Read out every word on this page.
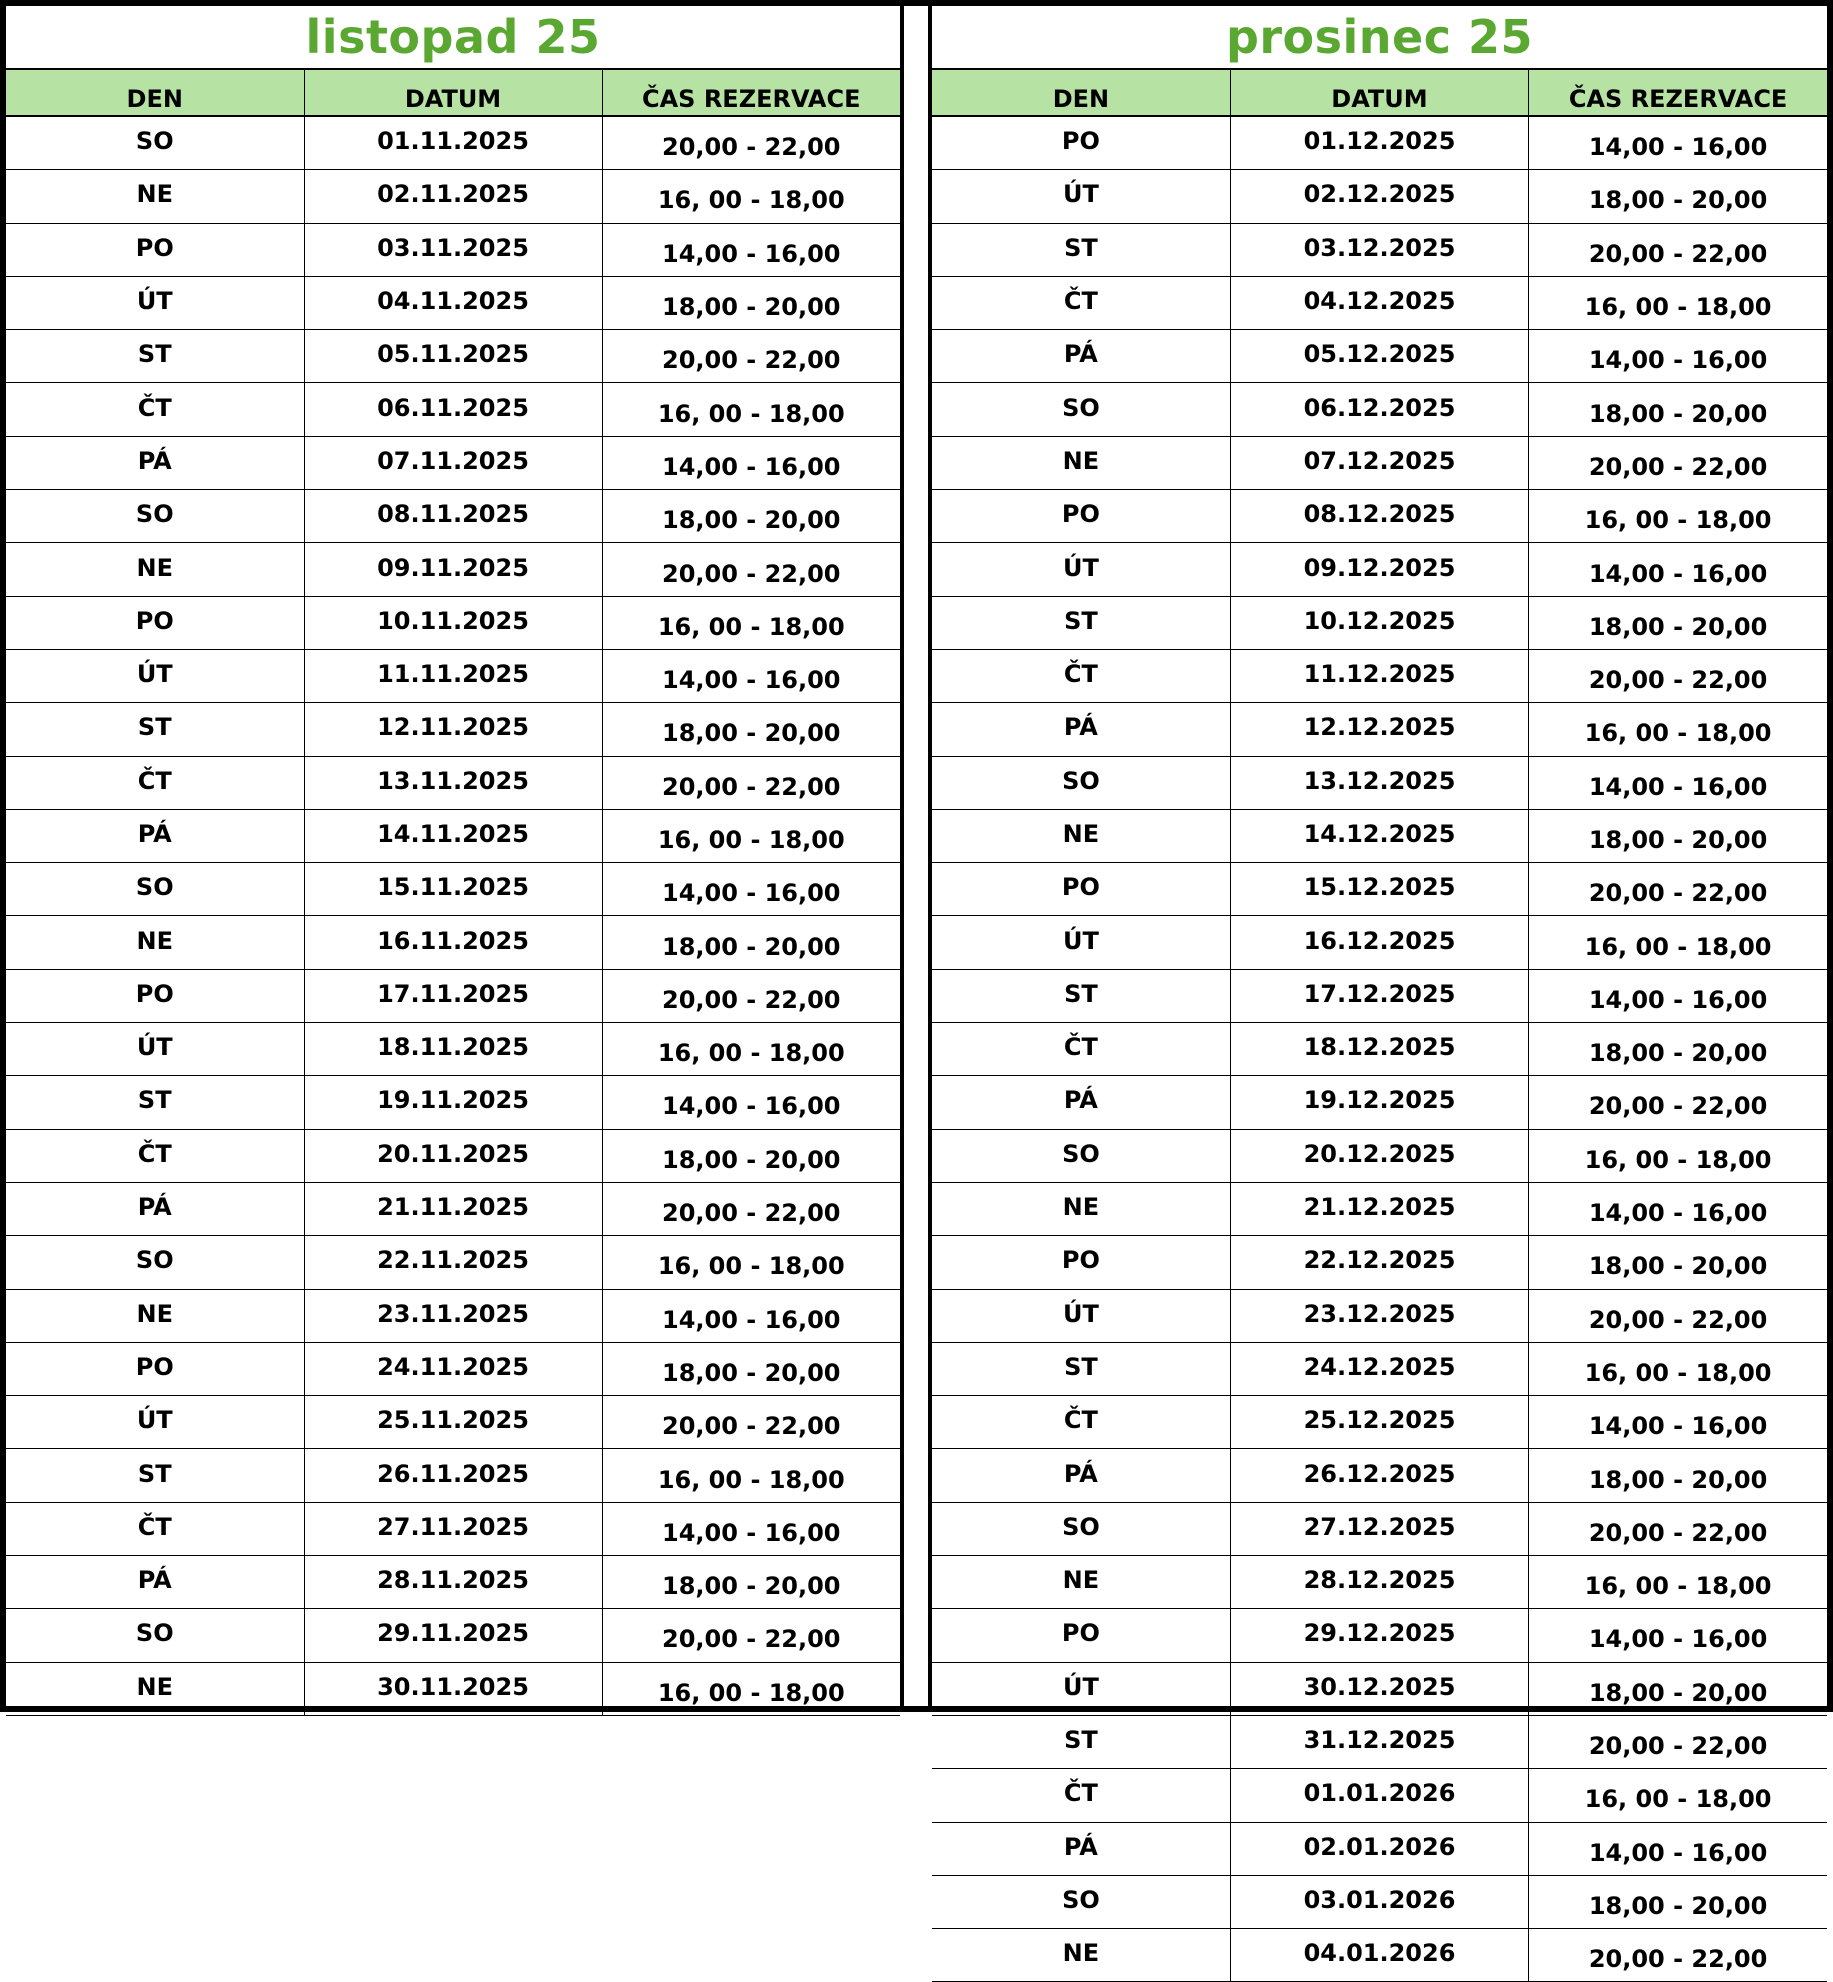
listopad 25
DEN	DATUM	ČAS REZERVACE
SO	01.11.2025	20,00 - 22,00
NE	02.11.2025	16, 00 - 18,00
PO	03.11.2025	14,00 - 16,00
ÚT	04.11.2025	18,00 - 20,00
ST	05.11.2025	20,00 - 22,00
ČT	06.11.2025	16, 00 - 18,00
PÁ	07.11.2025	14,00 - 16,00
SO	08.11.2025	18,00 - 20,00
NE	09.11.2025	20,00 - 22,00
PO	10.11.2025	16, 00 - 18,00
ÚT	11.11.2025	14,00 - 16,00
ST	12.11.2025	18,00 - 20,00
ČT	13.11.2025	20,00 - 22,00
PÁ	14.11.2025	16, 00 - 18,00
SO	15.11.2025	14,00 - 16,00
NE	16.11.2025	18,00 - 20,00
PO	17.11.2025	20,00 - 22,00
ÚT	18.11.2025	16, 00 - 18,00
ST	19.11.2025	14,00 - 16,00
ČT	20.11.2025	18,00 - 20,00
PÁ	21.11.2025	20,00 - 22,00
SO	22.11.2025	16, 00 - 18,00
NE	23.11.2025	14,00 - 16,00
PO	24.11.2025	18,00 - 20,00
ÚT	25.11.2025	20,00 - 22,00
ST	26.11.2025	16, 00 - 18,00
ČT	27.11.2025	14,00 - 16,00
PÁ	28.11.2025	18,00 - 20,00
SO	29.11.2025	20,00 - 22,00
NE	30.11.2025	16, 00 - 18,00
prosinec 25
DEN	DATUM	ČAS REZERVACE
PO	01.12.2025	14,00 - 16,00
ÚT	02.12.2025	18,00 - 20,00
ST	03.12.2025	20,00 - 22,00
ČT	04.12.2025	16, 00 - 18,00
PÁ	05.12.2025	14,00 - 16,00
SO	06.12.2025	18,00 - 20,00
NE	07.12.2025	20,00 - 22,00
PO	08.12.2025	16, 00 - 18,00
ÚT	09.12.2025	14,00 - 16,00
ST	10.12.2025	18,00 - 20,00
ČT	11.12.2025	20,00 - 22,00
PÁ	12.12.2025	16, 00 - 18,00
SO	13.12.2025	14,00 - 16,00
NE	14.12.2025	18,00 - 20,00
PO	15.12.2025	20,00 - 22,00
ÚT	16.12.2025	16, 00 - 18,00
ST	17.12.2025	14,00 - 16,00
ČT	18.12.2025	18,00 - 20,00
PÁ	19.12.2025	20,00 - 22,00
SO	20.12.2025	16, 00 - 18,00
NE	21.12.2025	14,00 - 16,00
PO	22.12.2025	18,00 - 20,00
ÚT	23.12.2025	20,00 - 22,00
ST	24.12.2025	16, 00 - 18,00
ČT	25.12.2025	14,00 - 16,00
PÁ	26.12.2025	18,00 - 20,00
SO	27.12.2025	20,00 - 22,00
NE	28.12.2025	16, 00 - 18,00
PO	29.12.2025	14,00 - 16,00
ÚT	30.12.2025	18,00 - 20,00
ST	31.12.2025	20,00 - 22,00
ČT	01.01.2026	16, 00 - 18,00
PÁ	02.01.2026	14,00 - 16,00
SO	03.01.2026	18,00 - 20,00
NE	04.01.2026	20,00 - 22,00
